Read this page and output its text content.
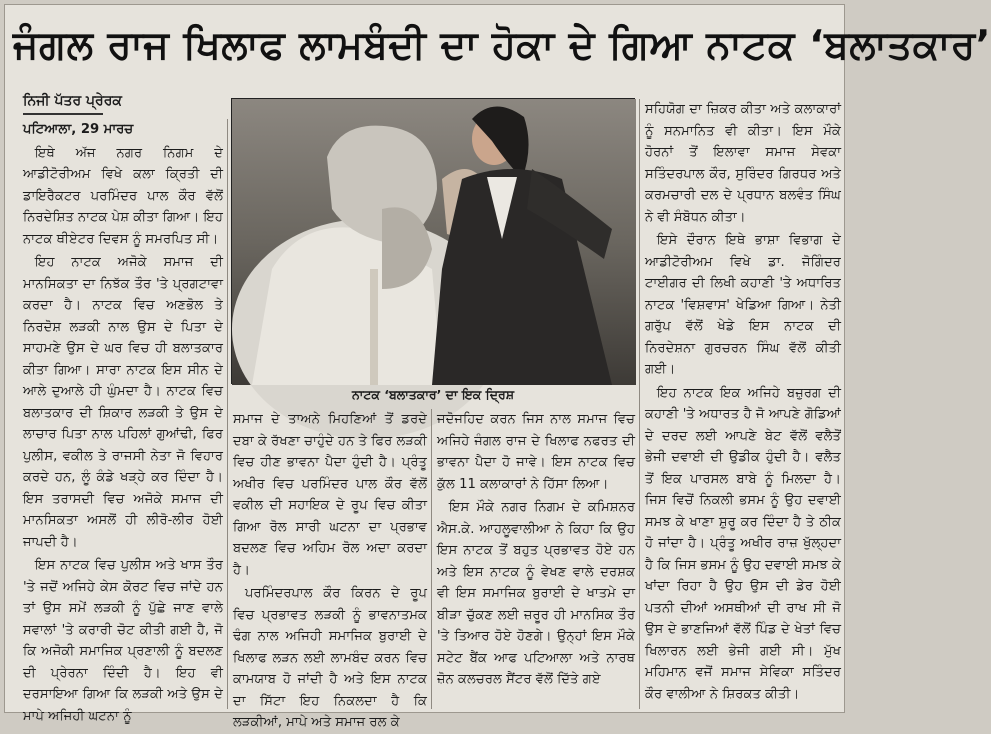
ਜੰਗਲ ਰਾਜ ਖਿਲਾਫ ਲਾਮਬੰਦੀ ਦਾ ਹੋਕਾ ਦੇ ਗਿਆ ਨਾਟਕ ‘ਬਲਾਤਕਾਰ’
ਨਿਜੀ ਪੱਤਰ ਪ੍ਰੇਰਕ

ਪਟਿਆਲਾ, 29 ਮਾਰਚ

ਇਥੇ ਅੱਜ ਨਗਰ ਨਿਗਮ ਦੇ ਆਡੀਟੋਰੀਅਮ ਵਿਖੇ ਕਲਾ ਕ੍ਰਿਤੀ ਦੀ ਡਾਇਰੈਕਟਰ ਪਰਮਿੰਦਰ ਪਾਲ ਕੌਰ ਵੱਲੋਂ ਨਿਰਦੇਸ਼ਿਤ ਨਾਟਕ ਪੇਸ਼ ਕੀਤਾ ਗਿਆ। ਇਹ ਨਾਟਕ ਥੀਏਟਰ ਦਿਵਸ ਨੂੰ ਸਮਰਪਿਤ ਸੀ।

ਇਹ ਨਾਟਕ ਅਜੋਕੇ ਸਮਾਜ ਦੀ ਮਾਨਸਿਕਤਾ ਦਾ ਨਿਝੱਕ ਤੌਰ 'ਤੇ ਪ੍ਰਗਟਾਵਾ ਕਰਦਾ ਹੈ। ਨਾਟਕ ਵਿਚ ਅਣਭੋਲ ਤੇ ਨਿਰਦੋਸ਼ ਲੜਕੀ ਨਾਲ ਉਸ ਦੇ ਪਿਤਾ ਦੇ ਸਾਹਮਣੇ ਉਸ ਦੇ ਘਰ ਵਿਚ ਹੀ ਬਲਾਤਕਾਰ ਕੀਤਾ ਗਿਆ। ਸਾਰਾ ਨਾਟਕ ਇਸ ਸੀਨ ਦੇ ਆਲੇ ਦੁਆਲੇ ਹੀ ਘੁੰਮਦਾ ਹੈ। ਨਾਟਕ ਵਿਚ ਬਲਾਤਕਾਰ ਦੀ ਸ਼ਿਕਾਰ ਲੜਕੀ ਤੇ ਉਸ ਦੇ ਲਾਚਾਰ ਪਿਤਾ ਨਾਲ ਪਹਿਲਾਂ ਗੁਆਂਢੀ, ਫਿਰ ਪੁਲੀਸ, ਵਕੀਲ ਤੇ ਰਾਜਸੀ ਨੇਤਾ ਜੋ ਵਿਹਾਰ ਕਰਦੇ ਹਨ, ਲੂੰ ਕੰਡੇ ਖੜ੍ਹੇ ਕਰ ਦਿੰਦਾ ਹੈ। ਇਸ ਤਰਾਸਦੀ ਵਿਚ ਅਜੋਕੇ ਸਮਾਜ ਦੀ ਮਾਨਸਿਕਤਾ ਅਸਲੋਂ ਹੀ ਲੀਰੋ-ਲੀਰ ਹੋਈ ਜਾਪਦੀ ਹੈ।

ਇਸ ਨਾਟਕ ਵਿਚ ਪੁਲੀਸ ਅਤੇ ਖਾਸ ਤੌਰ 'ਤੇ ਜਦੋਂ ਅਜਿਹੇ ਕੇਸ ਕੋਰਟ ਵਿਚ ਜਾਂਦੇ ਹਨ ਤਾਂ ਉਸ ਸਮੇਂ ਲੜਕੀ ਨੂੰ ਪੁੱਛੇ ਜਾਣ ਵਾਲੇ ਸਵਾਲਾਂ 'ਤੇ ਕਰਾਰੀ ਚੋਟ ਕੀਤੀ ਗਈ ਹੈ, ਜੋ ਕਿ ਅਜੋਕੀ ਸਮਾਜਿਕ ਪ੍ਰਣਾਲੀ ਨੂੰ ਬਦਲਣ ਦੀ ਪ੍ਰੇਰਨਾ ਦਿੰਦੀ ਹੈ। ਇਹ ਵੀ ਦਰਸਾਇਆ ਗਿਆ ਕਿ ਲੜਕੀ ਅਤੇ ਉਸ ਦੇ ਮਾਪੇ ਅਜਿਹੀ ਘਟਨਾ ਨੂੰ

ਨਾਟਕ ‘ਬਲਾਤਕਾਰ’ ਦਾ ਇਕ ਦ੍ਰਿਸ਼

ਸਮਾਜ ਦੇ ਤਾਅਨੇ ਮਿਹਣਿਆਂ ਤੋਂ ਡਰਦੇ ਦਬਾ ਕੇ ਰੱਖਣਾ ਚਾਹੁੰਦੇ ਹਨ ਤੇ ਫਿਰ ਲੜਕੀ ਵਿਚ ਹੀਣ ਭਾਵਨਾ ਪੈਦਾ ਹੁੰਦੀ ਹੈ। ਪ੍ਰੰਤੂ ਅਖੀਰ ਵਿਚ ਪਰਮਿੰਦਰ ਪਾਲ ਕੌਰ ਵੱਲੋਂ ਵਕੀਲ ਦੀ ਸਹਾਇਕ ਦੇ ਰੂਪ ਵਿਚ ਕੀਤਾ ਗਿਆ ਰੋਲ ਸਾਰੀ ਘਟਨਾ ਦਾ ਪ੍ਰਭਾਵ ਬਦਲਣ ਵਿਚ ਅਹਿਮ ਰੋਲ ਅਦਾ ਕਰਦਾ ਹੈ।

ਪਰਮਿੰਦਰਪਾਲ ਕੌਰ ਕਿਰਨ ਦੇ ਰੂਪ ਵਿਚ ਪ੍ਰਭਾਵਤ ਲੜਕੀ ਨੂੰ ਭਾਵਨਾਤਮਕ ਢੰਗ ਨਾਲ ਅਜਿਹੀ ਸਮਾਜਿਕ ਬੁਰਾਈ ਦੇ ਖਿਲਾਫ ਲੜਨ ਲਈ ਲਾਮਬੰਦ ਕਰਨ ਵਿਚ ਕਾਮਯਾਬ ਹੋ ਜਾਂਦੀ ਹੈ ਅਤੇ ਇਸ ਨਾਟਕ ਦਾ ਸਿੱਟਾ ਇਹ ਨਿਕਲਦਾ ਹੈ ਕਿ ਲੜਕੀਆਂ, ਮਾਪੇ ਅਤੇ ਸਮਾਜ ਰਲ ਕੇ

ਜਦੋਜਹਿਦ ਕਰਨ ਜਿਸ ਨਾਲ ਸਮਾਜ ਵਿਚ ਅਜਿਹੇ ਜੰਗਲ ਰਾਜ ਦੇ ਖਿਲਾਫ ਨਫਰਤ ਦੀ ਭਾਵਨਾ ਪੈਦਾ ਹੋ ਜਾਵੇ। ਇਸ ਨਾਟਕ ਵਿਚ ਕੁੱਲ 11 ਕਲਾਕਾਰਾਂ ਨੇ ਹਿੱਸਾ ਲਿਆ।

ਇਸ ਮੌਕੇ ਨਗਰ ਨਿਗਮ ਦੇ ਕਮਿਸ਼ਨਰ ਐਸ.ਕੇ. ਆਹਲੂਵਾਲੀਆ ਨੇ ਕਿਹਾ ਕਿ ਉਹ ਇਸ ਨਾਟਕ ਤੋਂ ਬਹੁਤ ਪ੍ਰਭਾਵਤ ਹੋਏ ਹਨ ਅਤੇ ਇਸ ਨਾਟਕ ਨੂੰ ਵੇਖਣ ਵਾਲੇ ਦਰਸ਼ਕ ਵੀ ਇਸ ਸਮਾਜਿਕ ਬੁਰਾਈ ਦੇ ਖਾਤਮੇ ਦਾ ਬੀੜਾ ਚੁੱਕਣ ਲਈ ਜ਼ਰੂਰ ਹੀ ਮਾਨਸਿਕ ਤੌਰ 'ਤੇ ਤਿਆਰ ਹੋਏ ਹੋਣਗੇ। ਉਨ੍ਹਾਂ ਇਸ ਮੌਕੇ ਸਟੇਟ ਬੈਂਕ ਆਫ ਪਟਿਆਲਾ ਅਤੇ ਨਾਰਥ ਜ਼ੋਨ ਕਲਚਰਲ ਸੈਂਟਰ ਵੱਲੋਂ ਦਿੱਤੇ ਗਏ

ਸਹਿਯੋਗ ਦਾ ਜ਼ਿਕਰ ਕੀਤਾ ਅਤੇ ਕਲਾਕਾਰਾਂ ਨੂੰ ਸਨਮਾਨਿਤ ਵੀ ਕੀਤਾ। ਇਸ ਮੌਕੇ ਹੋਰਨਾਂ ਤੋਂ ਇਲਾਵਾ ਸਮਾਜ ਸੇਵਕਾ ਸਤਿੰਦਰਪਾਲ ਕੌਰ, ਸੁਰਿੰਦਰ ਗਿਰਧਰ ਅਤੇ ਕਰਮਚਾਰੀ ਦਲ ਦੇ ਪ੍ਰਧਾਨ ਬਲਵੰਤ ਸਿੰਘ ਨੇ ਵੀ ਸੰਬੋਧਨ ਕੀਤਾ।

ਇਸੇ ਦੌਰਾਨ ਇਥੇ ਭਾਸ਼ਾ ਵਿਭਾਗ ਦੇ ਆਡੀਟੋਰੀਅਮ ਵਿਖੇ ਡਾ. ਜੋਗਿੰਦਰ ਟਾਈਗਰ ਦੀ ਲਿਖੀ ਕਹਾਣੀ 'ਤੇ ਅਧਾਰਿਤ ਨਾਟਕ 'ਵਿਸ਼ਵਾਸ' ਖੇਡਿਆ ਗਿਆ। ਨੇਤੀ ਗਰੁੱਪ ਵੱਲੋਂ ਖੇਡੇ ਇਸ ਨਾਟਕ ਦੀ ਨਿਰਦੇਸ਼ਨਾ ਗੁਰਚਰਨ ਸਿੰਘ ਵੱਲੋਂ ਕੀਤੀ ਗਈ।

ਇਹ ਨਾਟਕ ਇਕ ਅਜਿਹੇ ਬਜ਼ੁਰਗ ਦੀ ਕਹਾਣੀ 'ਤੇ ਅਧਾਰਤ ਹੈ ਜੋ ਆਪਣੇ ਗੋਡਿਆਂ ਦੇ ਦਰਦ ਲਈ ਆਪਣੇ ਬੇਟ ਵੱਲੋਂ ਵਲੈਤੋਂ ਭੇਜੀ ਦਵਾਈ ਦੀ ਉਡੀਕ ਹੁੰਦੀ ਹੈ। ਵਲੈਤ ਤੋਂ ਇਕ ਪਾਰਸਲ ਬਾਬੇ ਨੂੰ ਮਿਲਦਾ ਹੈ। ਜਿਸ ਵਿਚੋਂ ਨਿਕਲੀ ਭਸਮ ਨੂੰ ਉਹ ਦਵਾਈ ਸਮਝ ਕੇ ਖਾਣਾ ਸ਼ੁਰੂ ਕਰ ਦਿੰਦਾ ਹੈ ਤੇ ਠੀਕ ਹੋ ਜਾਂਦਾ ਹੈ। ਪ੍ਰੰਤੂ ਅਖੀਰ ਰਾਜ਼ ਖੁੱਲ੍ਹਦਾ ਹੈ ਕਿ ਜਿਸ ਭਸਮ ਨੂੰ ਉਹ ਦਵਾਈ ਸਮਝ ਕੇ ਖਾਂਦਾ ਰਿਹਾ ਹੈ ਉਹ ਉਸ ਦੀ ਡੇਰ ਹੋਈ ਪਤਨੀ ਦੀਆਂ ਅਸਥੀਆਂ ਦੀ ਰਾਖ ਸੀ ਜੋ ਉਸ ਦੇ ਭਾਣਜਿਆਂ ਵੱਲੋਂ ਪਿੰਡ ਦੇ ਖੇਤਾਂ ਵਿਚ ਖਿਲਾਰਨ ਲਈ ਭੇਜੀ ਗਈ ਸੀ। ਮੁੱਖ ਮਹਿਮਾਨ ਵਜੋਂ ਸਮਾਜ ਸੇਵਿਕਾ ਸਤਿੰਦਰ ਕੌਰ ਵਾਲੀਆ ਨੇ ਸ਼ਿਰਕਤ ਕੀਤੀ।
